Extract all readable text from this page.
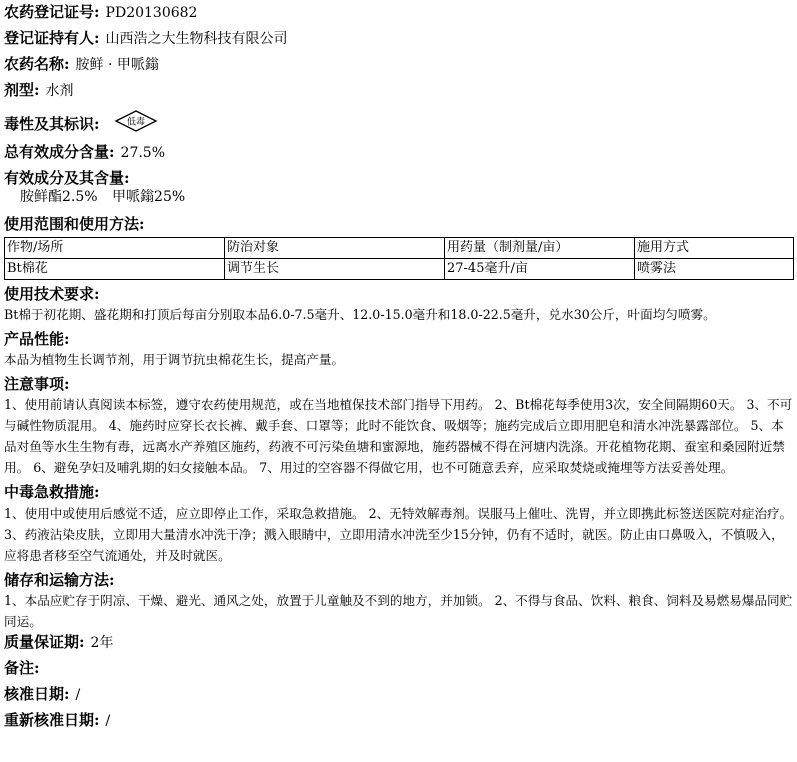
农药登记证号: PD20130682
登记证持有人: 山西浩之大生物科技有限公司
农药名称: 胺鲜 · 甲哌鎓
剂型: 水剂
毒性及其标识:	低毒
总有效成分含量: 27.5%
有效成分及其含量:
胺鲜酯2.5% 甲哌鎓25%
使用范围和使用方法:
作物/场所	防治对象	用药量（制剂量/亩）	施用方式
Bt棉花	调节生长	27-45毫升/亩	喷雾法
使用技术要求:
Bt棉于初花期、盛花期和打顶后每亩分别取本品6.0-7.5毫升、12.0-15.0毫升和18.0-22.5毫升，兑水30公斤，叶面均匀喷雾。
产品性能:
本品为植物生长调节剂，用于调节抗虫棉花生长，提高产量。
注意事项:
1、使用前请认真阅读本标签，遵守农药使用规范，或在当地植保技术部门指导下用药。 2、Bt棉花每季使用3次，安全间隔期60天。 3、不可与碱性物质混用。 4、施药时应穿长衣长裤、戴手套、口罩等；此时不能饮食、吸烟等；施药完成后立即用肥皂和清水冲洗暴露部位。 5、本品对鱼等水生生物有毒，远离水产养殖区施药，药液不可污染鱼塘和蜜源地，施药器械不得在河塘内洗涤。开花植物花期、蚕室和桑园附近禁用。 6、避免孕妇及哺乳期的妇女接触本品。 7、用过的空容器不得做它用，也不可随意丢弃，应采取焚烧或掩埋等方法妥善处理。
中毒急救措施:
1、使用中或使用后感觉不适，应立即停止工作，采取急救措施。 2、无特效解毒剂。误服马上催吐、洗胃，并立即携此标签送医院对症治疗。 3、药液沾染皮肤，立即用大量清水冲洗干净；溅入眼睛中，立即用清水冲洗至少15分钟，仍有不适时，就医。防止由口鼻吸入，不慎吸入，应将患者移至空气流通处，并及时就医。
储存和运输方法:
1、本品应贮存于阴凉、干燥、避光、通风之处，放置于儿童触及不到的地方，并加锁。 2、不得与食品、饮料、粮食、饲料及易燃易爆品同贮同运。
质量保证期: 2年
备注:
核准日期: /
重新核准日期: /
